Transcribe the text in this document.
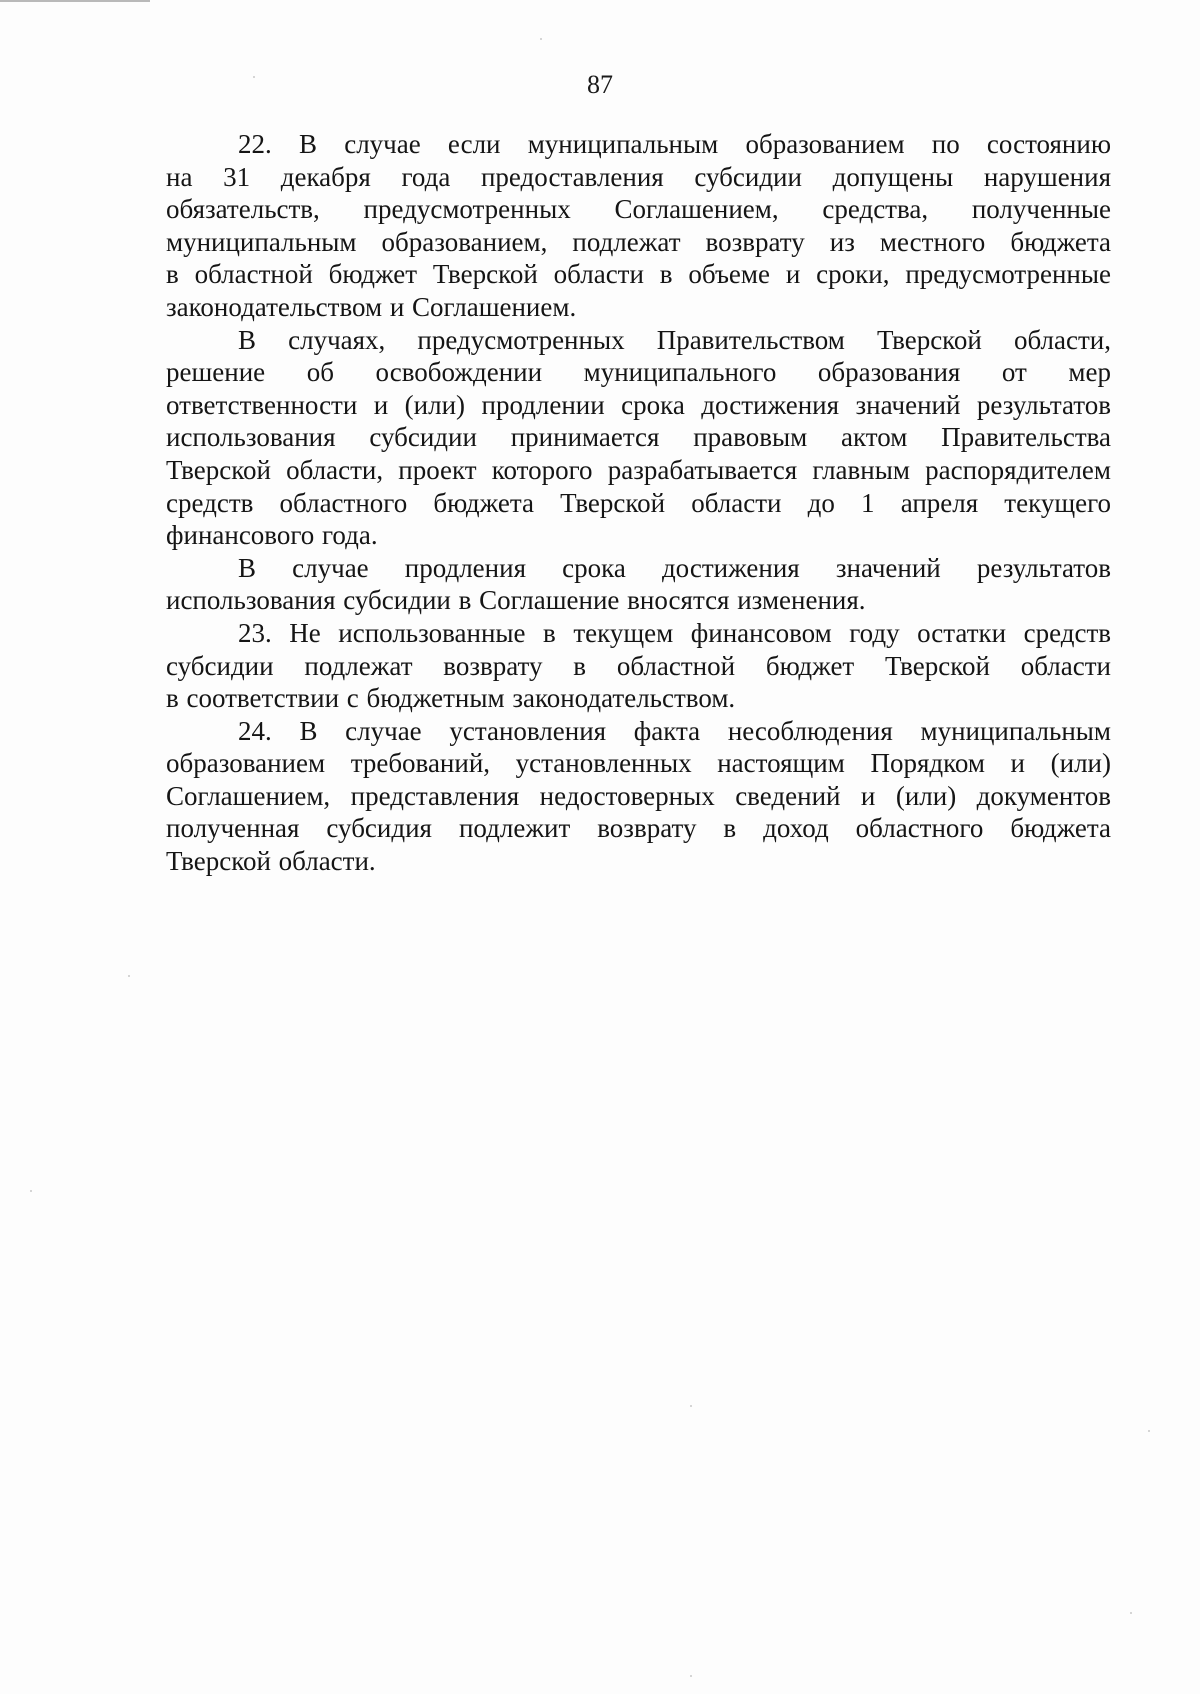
87

22. В случае если муниципальным образованием по состоянию
на 31 декабря года предоставления субсидии допущены нарушения
обязательств, предусмотренных Соглашением, средства, полученные
муниципальным образованием, подлежат возврату из местного бюджета
в областной бюджет Тверской области в объеме и сроки, предусмотренные
законодательством и Соглашением.

В случаях, предусмотренных Правительством Тверской области,
решение об освобождении муниципального образования от мер
ответственности и (или) продлении срока достижения значений результатов
использования субсидии принимается правовым актом Правительства
Тверской области, проект которого разрабатывается главным распорядителем
средств областного бюджета Тверской области до 1 апреля текущего
финансового года.

В случае продления срока достижения значений результатов
использования субсидии в Соглашение вносятся изменения.

23. Не использованные в текущем финансовом году остатки средств
субсидии подлежат возврату в областной бюджет Тверской области
в соответствии с бюджетным законодательством.

24. В случае установления факта несоблюдения муниципальным
образованием требований, установленных настоящим Порядком и (или)
Соглашением, представления недостоверных сведений и (или) документов
полученная субсидия подлежит возврату в доход областного бюджета
Тверской области.
